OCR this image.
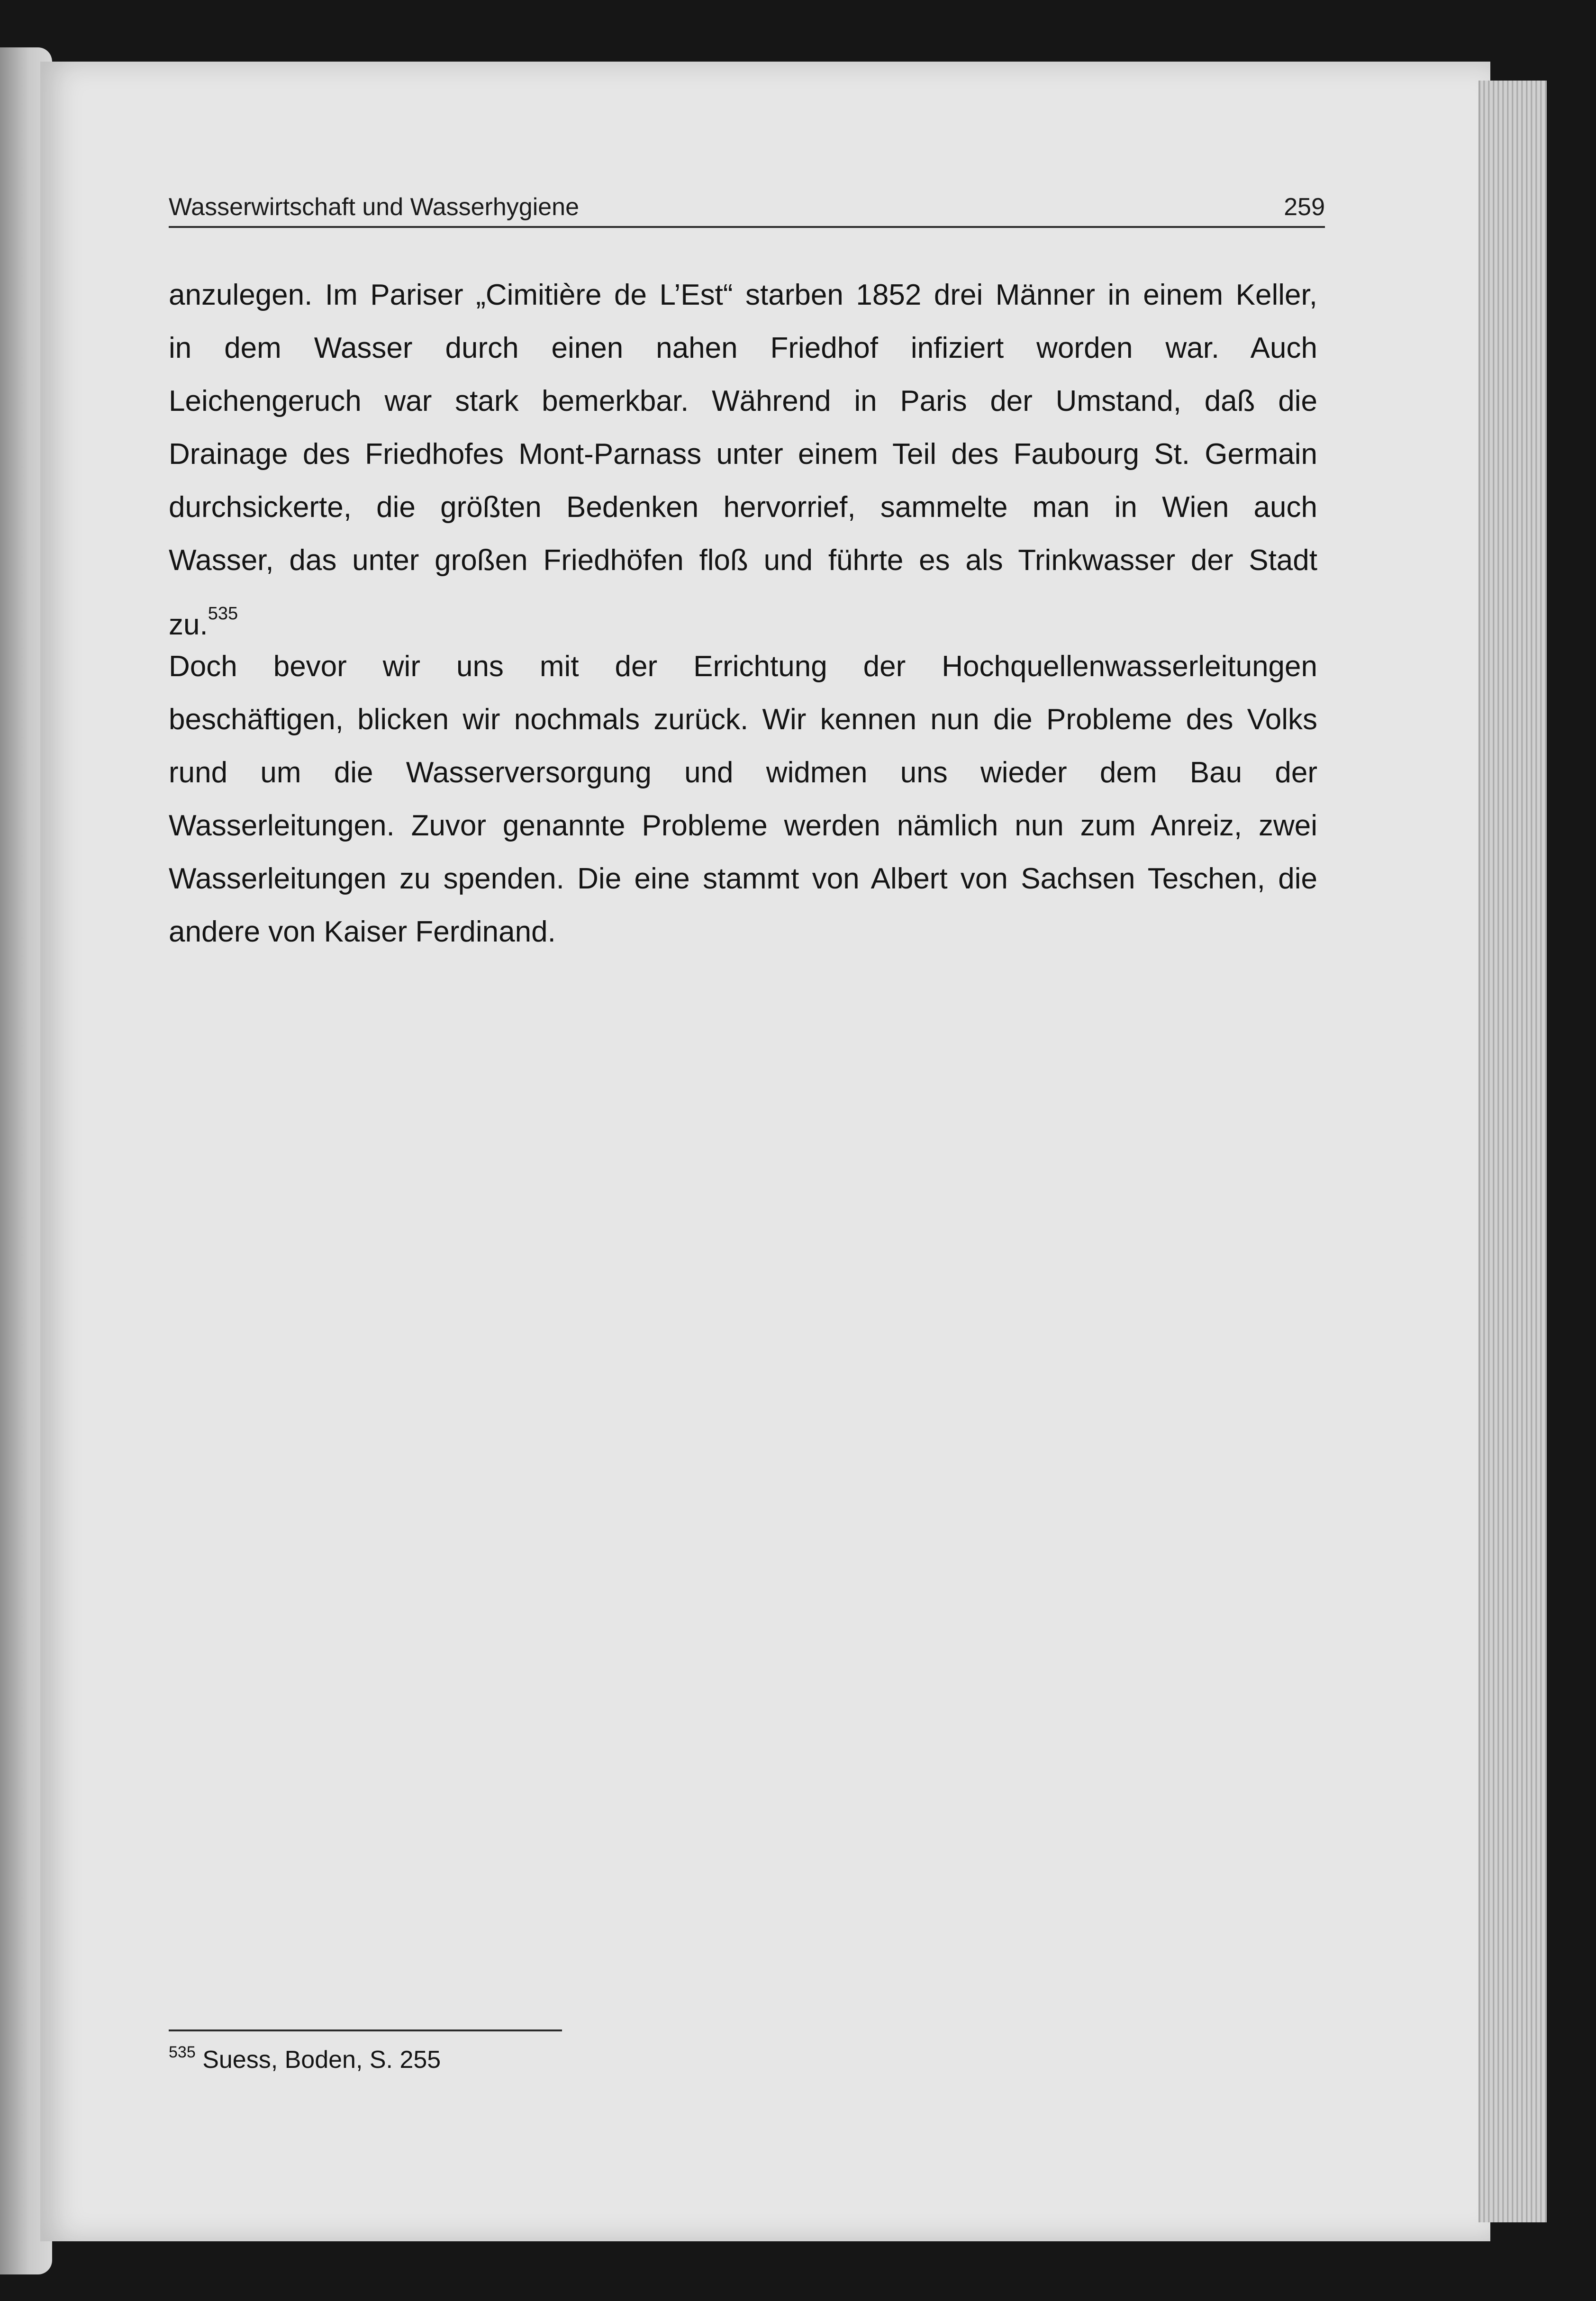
Wasserwirtschaft und Wasserhygiene	259
anzulegen. Im Pariser „Cimitière de L’Est“ starben 1852 drei Männer in einem Keller,
in dem Wasser durch einen nahen Friedhof infiziert worden war. Auch
Leichengeruch war stark bemerkbar. Während in Paris der Umstand, daß die
Drainage des Friedhofes Mont-Parnass unter einem Teil des Faubourg St. Germain
durchsickerte, die größten Bedenken hervorrief, sammelte man in Wien auch
Wasser, das unter großen Friedhöfen floß und führte es als Trinkwasser der Stadt
zu.$^{535}$
Doch bevor wir uns mit der Errichtung der Hochquellenwasserleitungen
beschäftigen, blicken wir nochmals zurück. Wir kennen nun die Probleme des Volks
rund um die Wasserversorgung und widmen uns wieder dem Bau der
Wasserleitungen. Zuvor genannte Probleme werden nämlich nun zum Anreiz, zwei
Wasserleitungen zu spenden. Die eine stammt von Albert von Sachsen Teschen, die
andere von Kaiser Ferdinand.
$^{535}$ Suess, Boden, S. 255
